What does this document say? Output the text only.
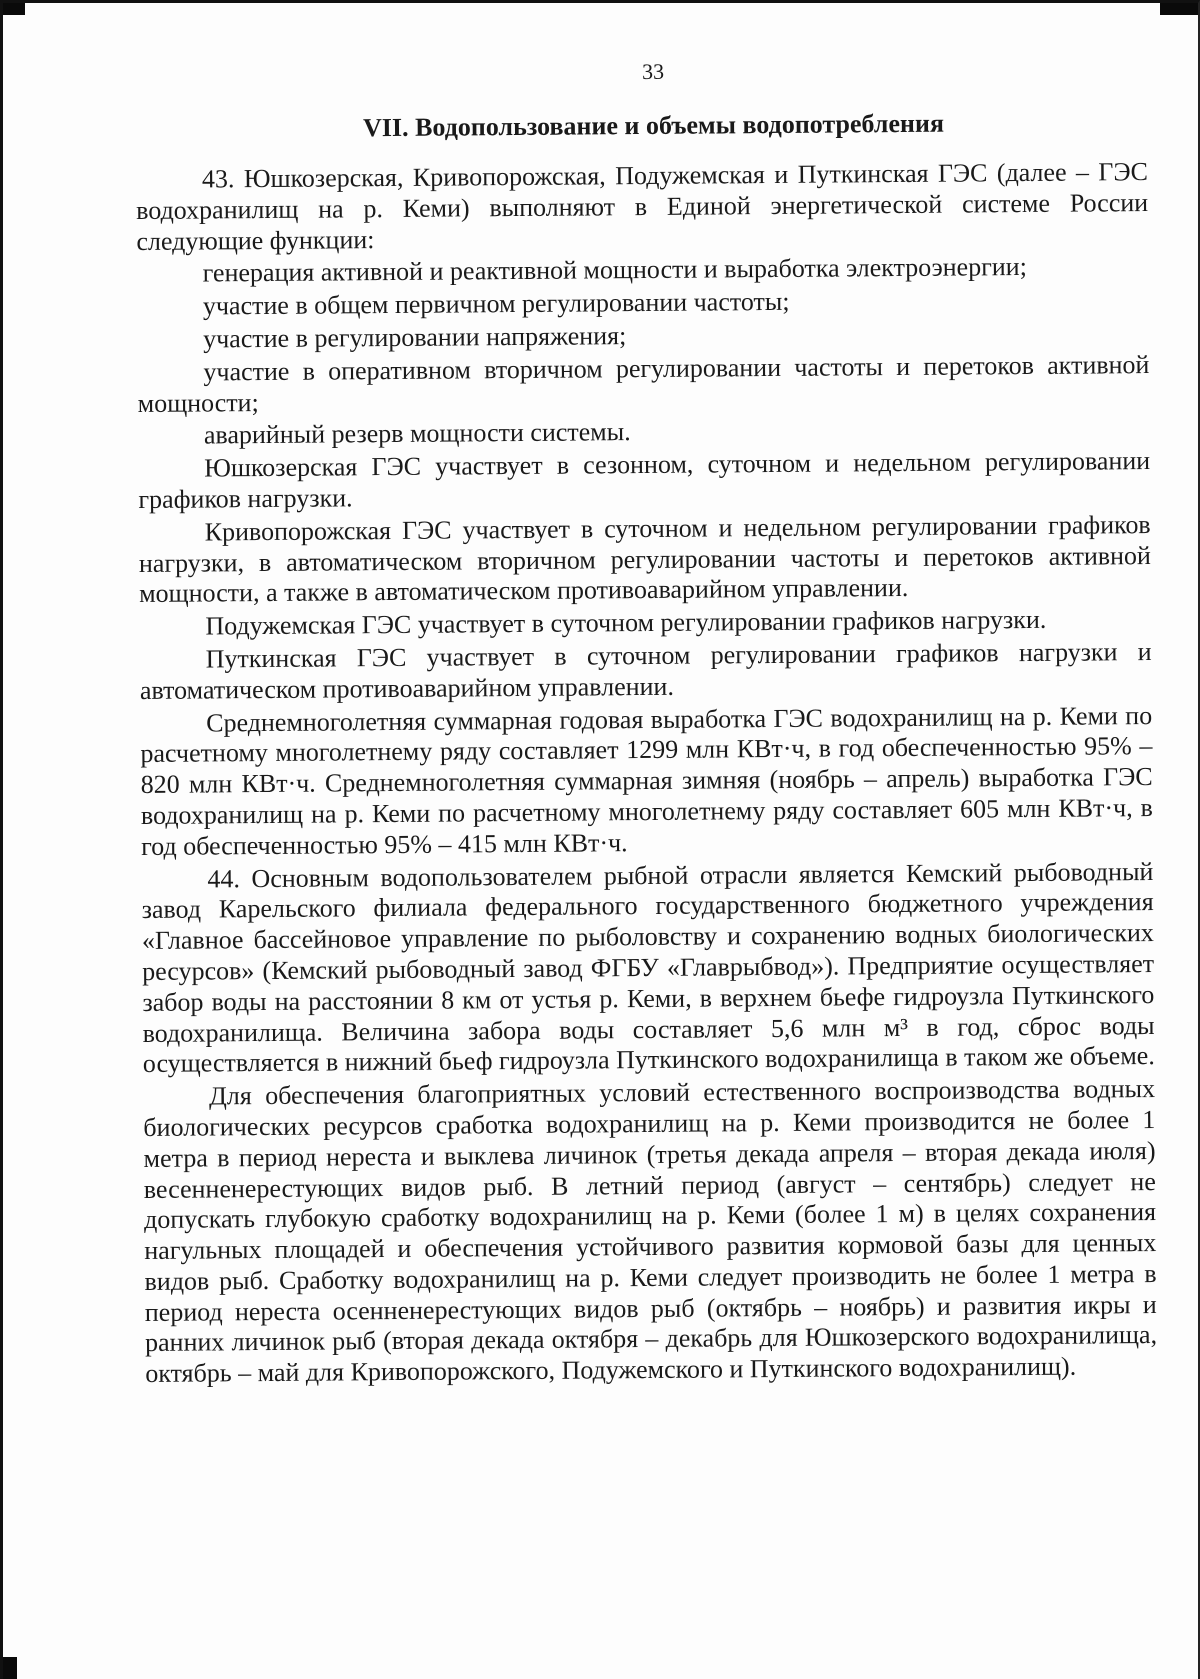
33
VII. Водопользование и объемы водопотребления

43. Юшкозерская, Кривопорожская, Подужемская и Путкинская ГЭС (далее – ГЭС водохранилищ на р. Кеми) выполняют в Единой энергетической системе России следующие функции:

генерация активной и реактивной мощности и выработка электроэнергии;

участие в общем первичном регулировании частоты;

участие в регулировании напряжения;

участие в оперативном вторичном регулировании частоты и перетоков активной мощности;

аварийный резерв мощности системы.

Юшкозерская ГЭС участвует в сезонном, суточном и недельном регулировании графиков нагрузки.

Кривопорожская ГЭС участвует в суточном и недельном регулировании графиков нагрузки, в автоматическом вторичном регулировании частоты и перетоков активной мощности, а также в автоматическом противоаварийном управлении.

Подужемская ГЭС участвует в суточном регулировании графиков нагрузки.

Путкинская ГЭС участвует в суточном регулировании графиков нагрузки и автоматическом противоаварийном управлении.

Среднемноголетняя суммарная годовая выработка ГЭС водохранилищ на р. Кеми по расчетному многолетнему ряду составляет 1299 млн КВт·ч, в год обеспеченностью 95% – 820 млн КВт·ч. Среднемноголетняя суммарная зимняя (ноябрь – апрель) выработка ГЭС водохранилищ на р. Кеми по расчетному многолетнему ряду составляет 605 млн КВт·ч, в год обеспеченностью 95% – 415 млн КВт·ч.

44. Основным водопользователем рыбной отрасли является Кемский рыбоводный завод Карельского филиала федерального государственного бюджетного учреждения «Главное бассейновое управление по рыболовству и сохранению водных биологических ресурсов» (Кемский рыбоводный завод ФГБУ «Главрыбвод»). Предприятие осуществляет забор воды на расстоянии 8 км от устья р. Кеми, в верхнем бьефе гидроузла Путкинского водохранилища. Величина забора воды составляет 5,6 млн м³ в год, сброс воды осуществляется в нижний бьеф гидроузла Путкинского водохранилища в таком же объеме.

Для обеспечения благоприятных условий естественного воспроизводства водных биологических ресурсов сработка водохранилищ на р. Кеми производится не более 1 метра в период нереста и выклева личинок (третья декада апреля – вторая декада июля) весенненерестующих видов рыб. В летний период (август – сентябрь) следует не допускать глубокую сработку водохранилищ на р. Кеми (более 1 м) в целях сохранения нагульных площадей и обеспечения устойчивого развития кормовой базы для ценных видов рыб. Сработку водохранилищ на р. Кеми следует производить не более 1 метра в период нереста осенненерестующих видов рыб (октябрь – ноябрь) и развития икры и ранних личинок рыб (вторая декада октября – декабрь для Юшкозерского водохранилища, октябрь – май для Кривопорожского, Подужемского и Путкинского водохранилищ).
